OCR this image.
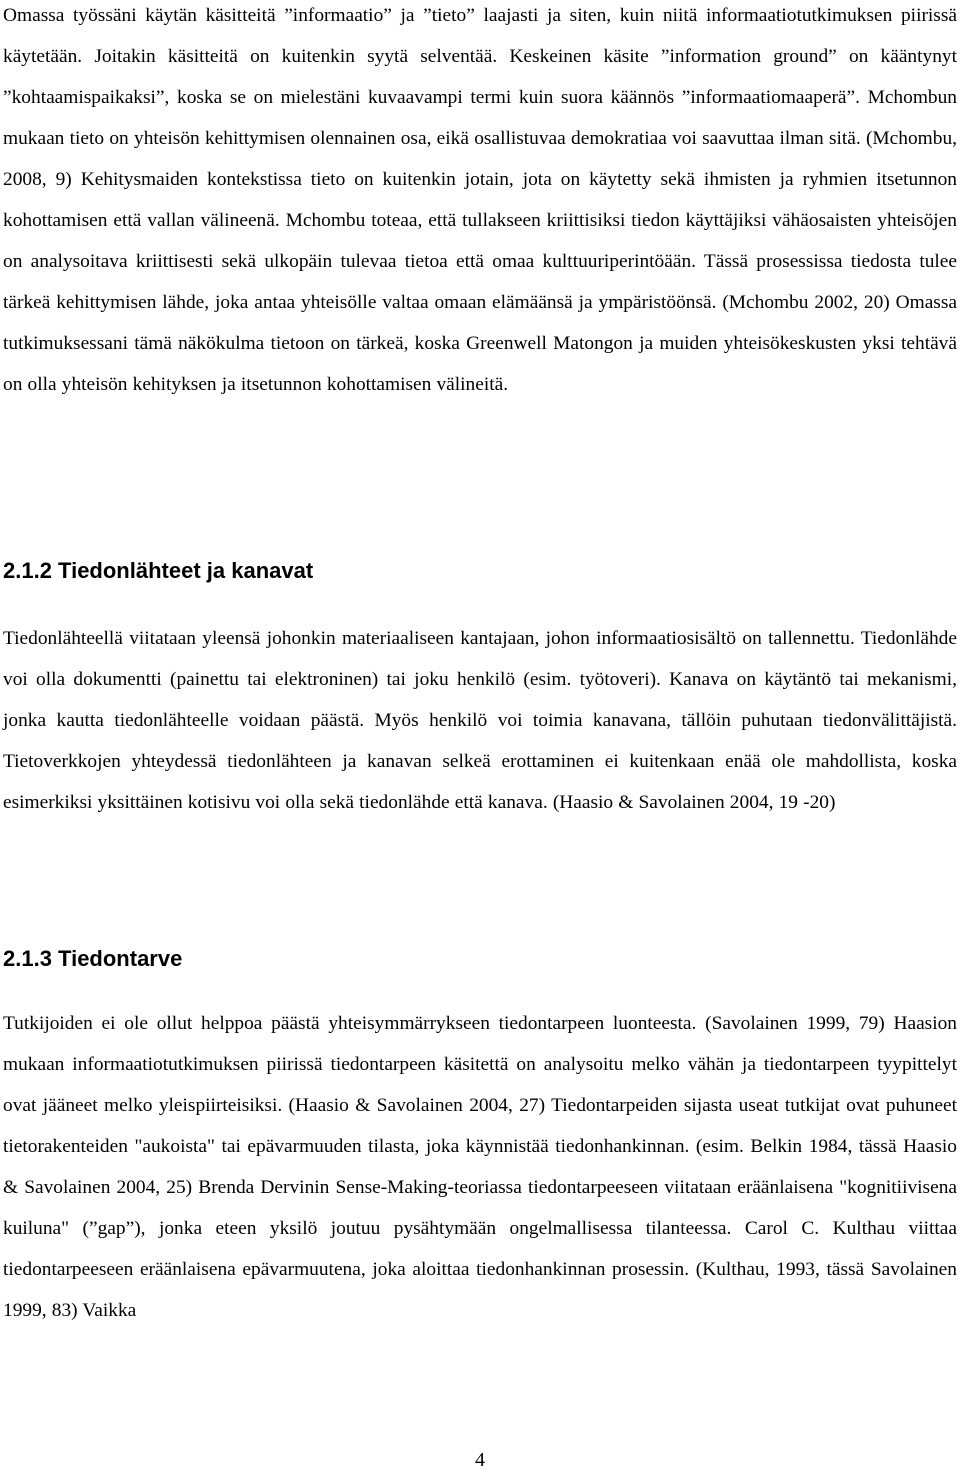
Omassa työssäni käytän käsitteitä ”informaatio” ja ”tieto” laajasti ja siten, kuin niitä informaatiotutkimuksen piirissä käytetään. Joitakin käsitteitä on kuitenkin syytä selventää. Keskeinen käsite ”information ground” on kääntynyt ”kohtaamispaikaksi”, koska se on mielestäni kuvaavampi termi kuin suora käännös ”informaatiomaaperä”. Mchombun mukaan tieto on yhteisön kehittymisen olennainen osa, eikä osallistuvaa demokratiaa voi saavuttaa ilman sitä. (Mchombu, 2008, 9) Kehitysmaiden kontekstissa tieto on kuitenkin jotain, jota on käytetty sekä ihmisten ja ryhmien itsetunnon kohottamisen että vallan välineenä. Mchombu toteaa, että tullakseen kriittisiksi tiedon käyttäjiksi vähäosaisten yhteisöjen on analysoitava kriittisesti sekä ulkopäin tulevaa tietoa että omaa kulttuuriperintöään. Tässä prosessissa tiedosta tulee tärkeä kehittymisen lähde, joka antaa yhteisölle valtaa omaan elämäänsä ja ympäristöönsä. (Mchombu 2002, 20) Omassa tutkimuksessani tämä näkökulma tietoon on tärkeä, koska Greenwell Matongon ja muiden yhteisökeskusten yksi tehtävä on olla yhteisön kehityksen ja itsetunnon kohottamisen välineitä.

2.1.2 Tiedonlähteet ja kanavat

Tiedonlähteellä viitataan yleensä johonkin materiaaliseen kantajaan, johon informaatiosisältö on tallennettu. Tiedonlähde voi olla dokumentti (painettu tai elektroninen) tai joku henkilö (esim. työtoveri). Kanava on käytäntö tai mekanismi, jonka kautta tiedonlähteelle voidaan päästä. Myös henkilö voi toimia kanavana, tällöin puhutaan tiedonvälittäjistä. Tietoverkkojen yhteydessä tiedonlähteen ja kanavan selkeä erottaminen ei kuitenkaan enää ole mahdollista, koska esimerkiksi yksittäinen kotisivu voi olla sekä tiedonlähde että kanava. (Haasio & Savolainen 2004, 19 -20)

2.1.3 Tiedontarve

Tutkijoiden ei ole ollut helppoa päästä yhteisymmärrykseen tiedontarpeen luonteesta. (Savolainen 1999, 79) Haasion mukaan informaatiotutkimuksen piirissä tiedontarpeen käsitettä on analysoitu melko vähän ja tiedontarpeen tyypittelyt ovat jääneet melko yleispiirteisiksi. (Haasio & Savolainen 2004, 27) Tiedontarpeiden sijasta useat tutkijat ovat puhuneet tietorakenteiden "aukoista" tai epävarmuuden tilasta, joka käynnistää tiedonhankinnan. (esim. Belkin 1984, tässä Haasio & Savolainen 2004, 25) Brenda Dervinin Sense-Making-teoriassa tiedontarpeeseen viitataan eräänlaisena "kognitiivisena kuiluna" (”gap”), jonka eteen yksilö joutuu pysähtymään ongelmallisessa tilanteessa. Carol C. Kulthau viittaa tiedontarpeeseen eräänlaisena epävarmuutena, joka aloittaa tiedonhankinnan prosessin. (Kulthau, 1993, tässä Savolainen 1999, 83) Vaikka

4
